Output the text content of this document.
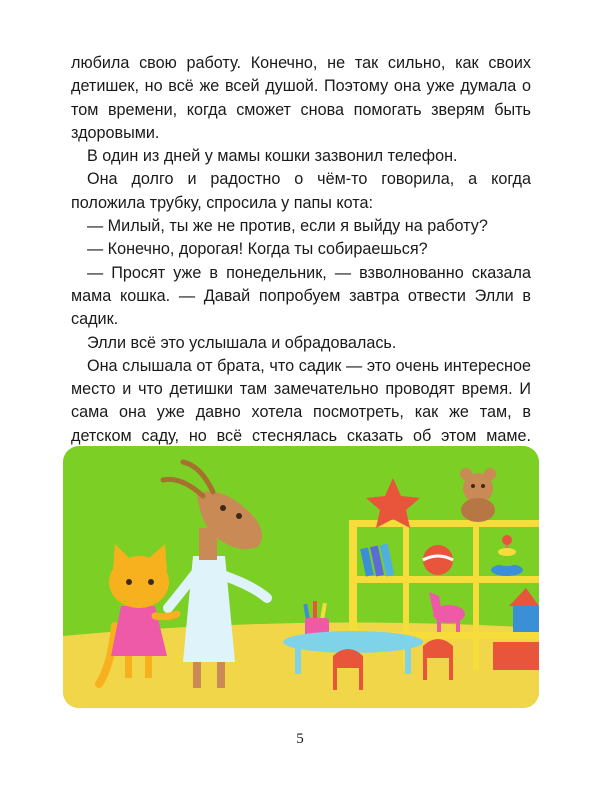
любила свою работу. Конечно, не так сильно, как своих детишек, но всё же всей душой. Поэтому она уже думала о том времени, когда сможет снова помогать зверям быть здоровыми.

В один из дней у мамы кошки зазвонил телефон.

Она долго и радостно о чём-то говорила, а когда положила трубку, спросила у папы кота:

— Милый, ты же не против, если я выйду на работу?

— Конечно, дорогая! Когда ты собираешься?

— Просят уже в понедельник, — взволнованно сказала мама кошка. — Давай попробуем завтра отвести Элли в садик.

Элли всё это услышала и обрадовалась.

Она слышала от брата, что садик — это очень интересное место и что детишки там замечательно проводят время. И сама она уже давно хотела посмотреть, как же там, в детском саду, но всё стеснялась сказать об этом маме.

5
